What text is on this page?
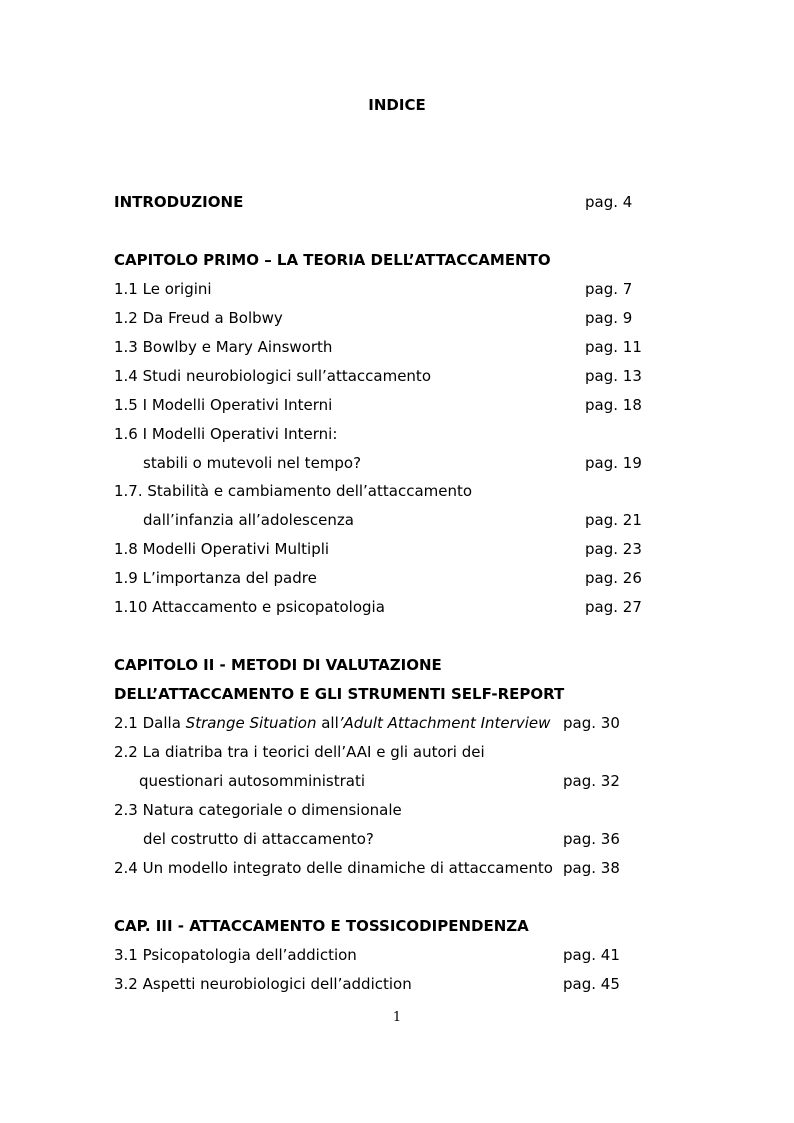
INDICE
INTRODUZIONE	pag. 4
CAPITOLO PRIMO – LA TEORIA DELL’ATTACCAMENTO
1.1 Le origini	pag. 7
1.2 Da Freud a Bolbwy	pag. 9
1.3 Bowlby e Mary Ainsworth	pag. 11
1.4 Studi neurobiologici sull’attaccamento	pag. 13
1.5 I Modelli Operativi Interni	pag. 18
1.6 I Modelli Operativi Interni:
stabili o mutevoli nel tempo?	pag. 19
1.7. Stabilità e cambiamento dell’attaccamento
dall’infanzia all’adolescenza	pag. 21
1.8 Modelli Operativi Multipli	pag. 23
1.9 L’importanza del padre	pag. 26
1.10 Attaccamento e psicopatologia	pag. 27
CAPITOLO II - METODI DI VALUTAZIONE
DELL’ATTACCAMENTO E GLI STRUMENTI SELF-REPORT
2.1 Dalla Strange Situation all’Adult Attachment Interview pag. 30
2.2 La diatriba tra i teorici dell’AAI e gli autori dei
questionari autosomministrati	pag. 32
2.3 Natura categoriale o dimensionale
del costrutto di attaccamento?	pag. 36
2.4 Un modello integrato delle dinamiche di attaccamento pag. 38
CAP. III - ATTACCAMENTO E TOSSICODIPENDENZA
3.1 Psicopatologia dell’addiction	pag. 41
3.2 Aspetti neurobiologici dell’addiction	pag. 45
1
